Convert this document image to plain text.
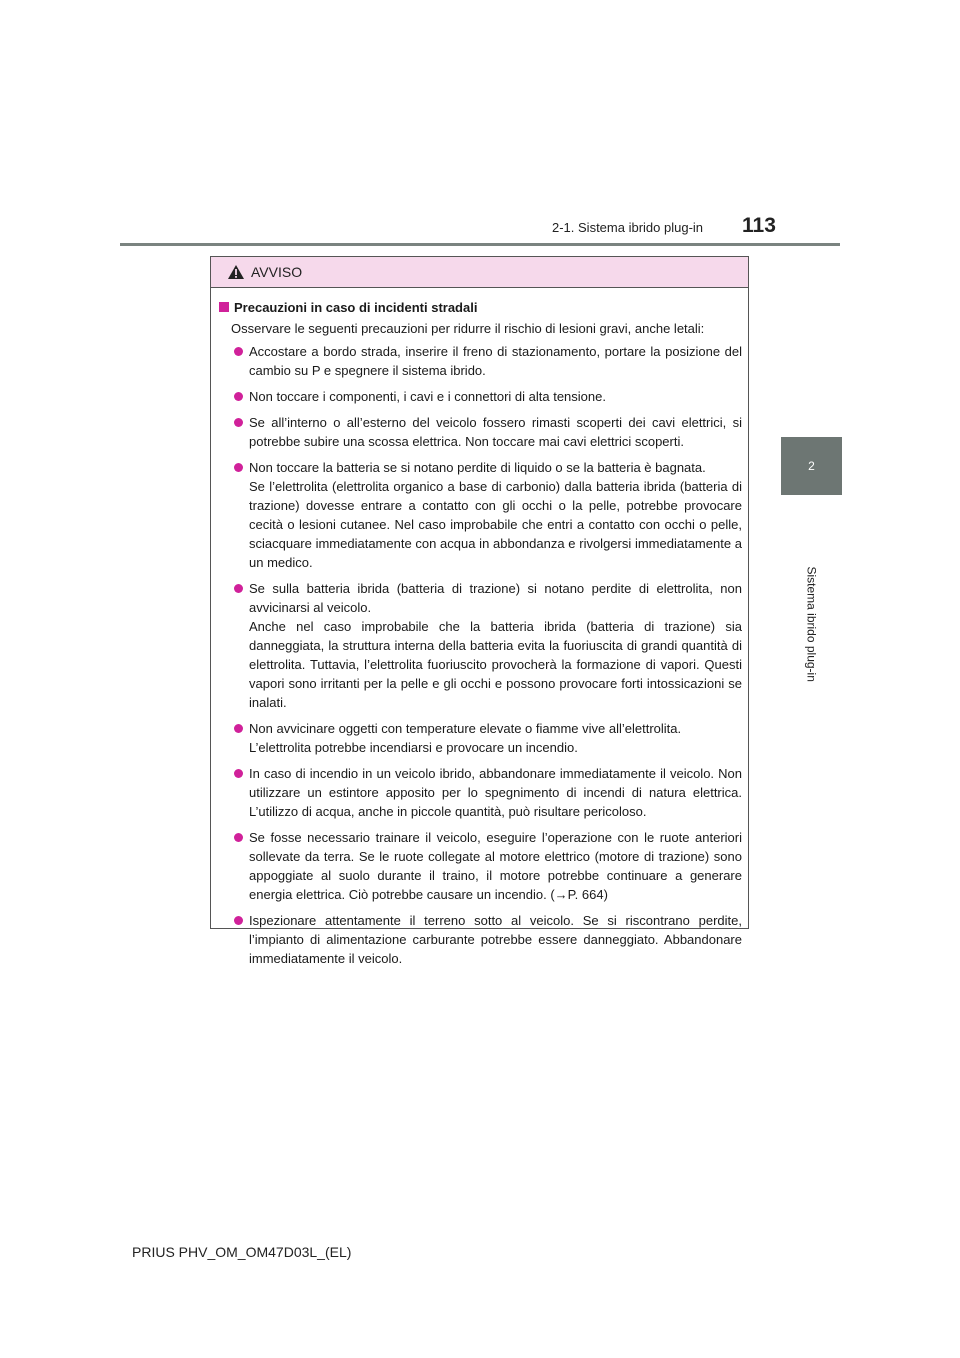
2-1. Sistema ibrido plug-in 113
2
Sistema ibrido plug-in
AVVISO
Precauzioni in caso di incidenti stradali
Osservare le seguenti precauzioni per ridurre il rischio di lesioni gravi, anche letali:
Accostare a bordo strada, inserire il freno di stazionamento, portare la posizione del cambio su P e spegnere il sistema ibrido.
Non toccare i componenti, i cavi e i connettori di alta tensione.
Se all’interno o all’esterno del veicolo fossero rimasti scoperti dei cavi elettrici, si potrebbe subire una scossa elettrica. Non toccare mai cavi elettrici scoperti.
Non toccare la batteria se si notano perdite di liquido o se la batteria è bagnata.
Se l’elettrolita (elettrolita organico a base di carbonio) dalla batteria ibrida (batteria di trazione) dovesse entrare a contatto con gli occhi o la pelle, potrebbe provocare cecità o lesioni cutanee. Nel caso improbabile che entri a contatto con occhi o pelle, sciacquare immediatamente con acqua in abbondanza e rivolgersi immediatamente a un medico.
Se sulla batteria ibrida (batteria di trazione) si notano perdite di elettrolita, non avvicinarsi al veicolo.
Anche nel caso improbabile che la batteria ibrida (batteria di trazione) sia danneggiata, la struttura interna della batteria evita la fuoriuscita di grandi quantità di elettrolita. Tuttavia, l’elettrolita fuoriuscito provocherà la formazione di vapori. Questi vapori sono irritanti per la pelle e gli occhi e possono provocare forti intossicazioni se inalati.
Non avvicinare oggetti con temperature elevate o fiamme vive all’elettrolita.
L’elettrolita potrebbe incendiarsi e provocare un incendio.
In caso di incendio in un veicolo ibrido, abbandonare immediatamente il veicolo. Non utilizzare un estintore apposito per lo spegnimento di incendi di natura elettrica. L’utilizzo di acqua, anche in piccole quantità, può risultare pericoloso.
Se fosse necessario trainare il veicolo, eseguire l’operazione con le ruote anteriori sollevate da terra. Se le ruote collegate al motore elettrico (motore di trazione) sono appoggiate al suolo durante il traino, il motore potrebbe continuare a generare energia elettrica. Ciò potrebbe causare un incendio. (→P. 664)
Ispezionare attentamente il terreno sotto al veicolo. Se si riscontrano perdite, l’impianto di alimentazione carburante potrebbe essere danneggiato. Abbandonare immediatamente il veicolo.
PRIUS PHV_OM_OM47D03L_(EL)
